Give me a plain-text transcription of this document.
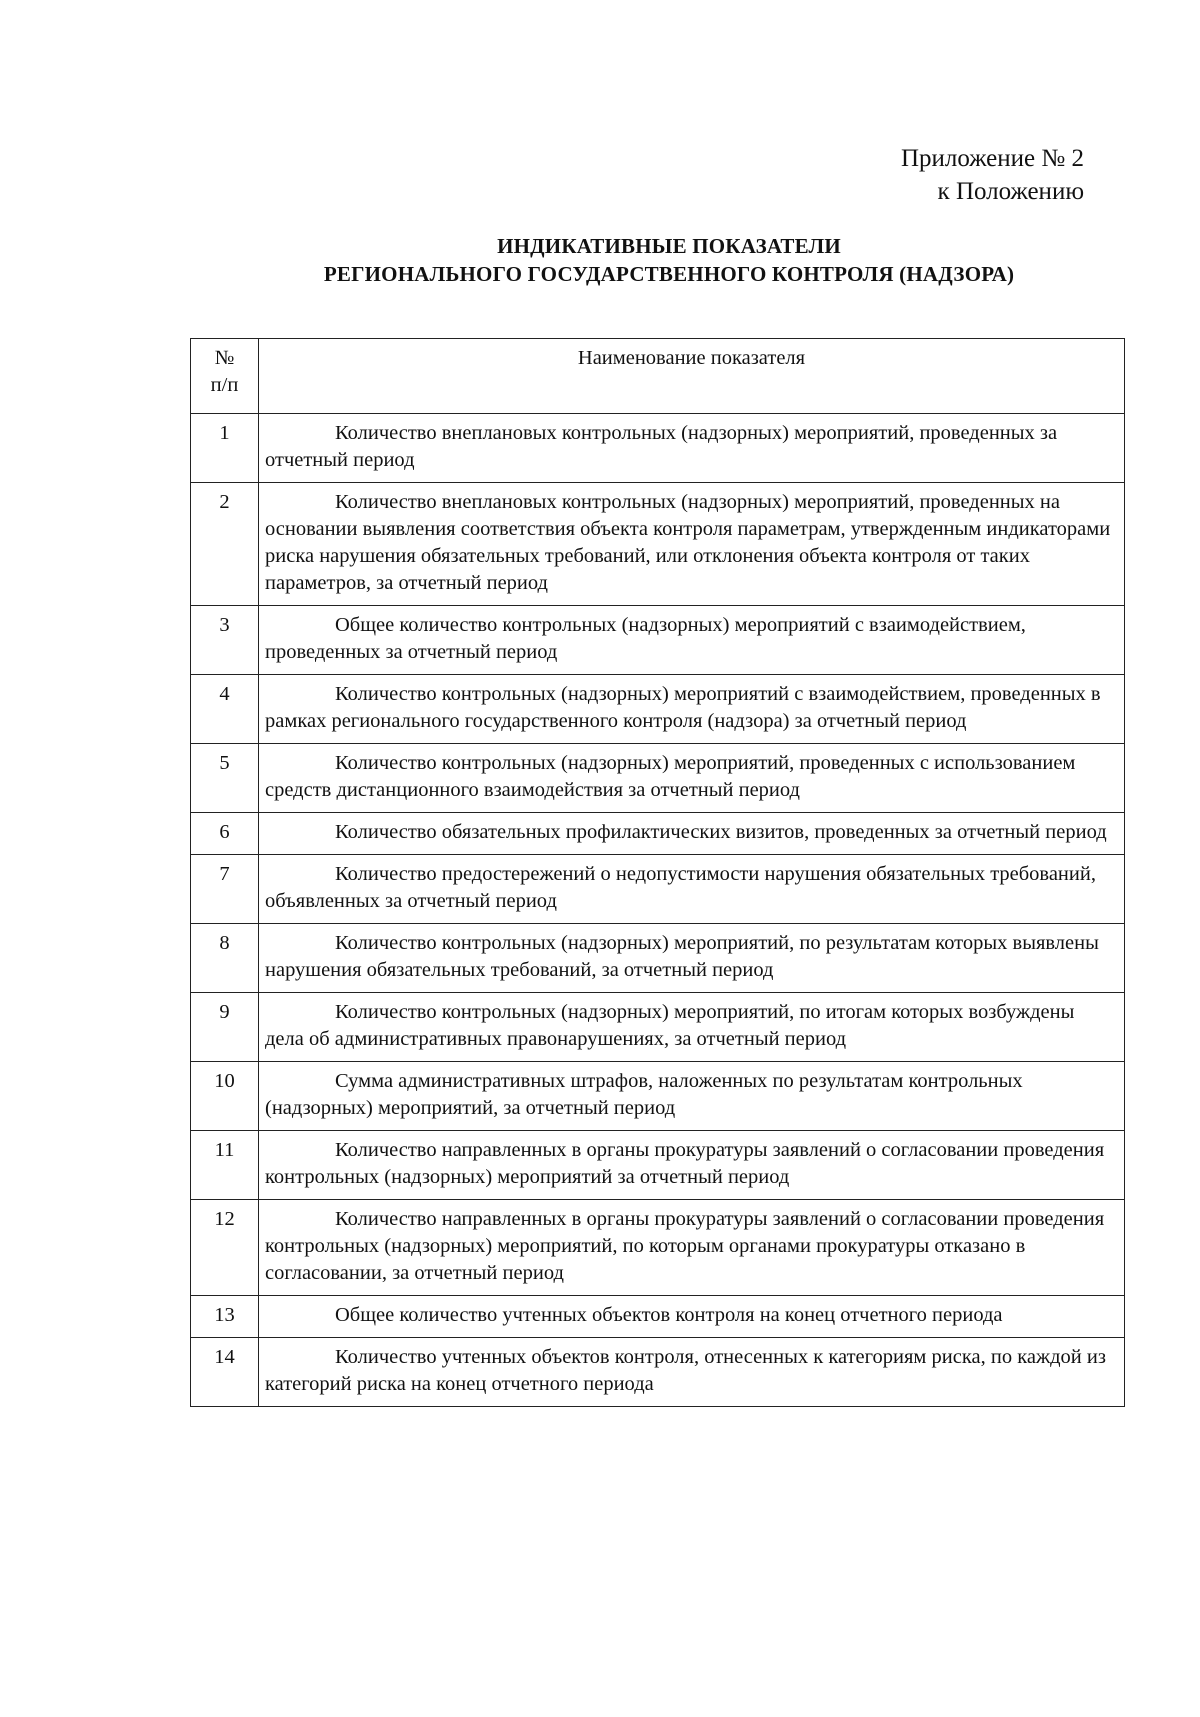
Приложение № 2
к Положению
ИНДИКАТИВНЫЕ ПОКАЗАТЕЛИ
РЕГИОНАЛЬНОГО ГОСУДАРСТВЕННОГО КОНТРОЛЯ (НАДЗОРА)
№
п/п	Наименование показателя
1	Количество внеплановых контрольных (надзорных) мероприятий, проведенных за отчетный период
2	Количество внеплановых контрольных (надзорных) мероприятий, проведенных на основании выявления соответствия объекта контроля параметрам, утвержденным индикаторами риска нарушения обязательных требований, или отклонения объекта контроля от таких параметров, за отчетный период
3	Общее количество контрольных (надзорных) мероприятий с взаимодействием, проведенных за отчетный период
4	Количество контрольных (надзорных) мероприятий с взаимодействием, проведенных в рамках регионального государственного контроля (надзора) за отчетный период
5	Количество контрольных (надзорных) мероприятий, проведенных с использованием средств дистанционного взаимодействия за отчетный период
6	Количество обязательных профилактических визитов, проведенных за отчетный период
7	Количество предостережений о недопустимости нарушения обязательных требований, объявленных за отчетный период
8	Количество контрольных (надзорных) мероприятий, по результатам которых выявлены нарушения обязательных требований, за отчетный период
9	Количество контрольных (надзорных) мероприятий, по итогам которых возбуждены дела об административных правонарушениях, за отчетный период
10	Сумма административных штрафов, наложенных по результатам контрольных (надзорных) мероприятий, за отчетный период
11	Количество направленных в органы прокуратуры заявлений о согласовании проведения контрольных (надзорных) мероприятий за отчетный период
12	Количество направленных в органы прокуратуры заявлений о согласовании проведения контрольных (надзорных) мероприятий, по которым органами прокуратуры отказано в согласовании, за отчетный период
13	Общее количество учтенных объектов контроля на конец отчетного периода
14	Количество учтенных объектов контроля, отнесенных к категориям риска, по каждой из категорий риска на конец отчетного периода
